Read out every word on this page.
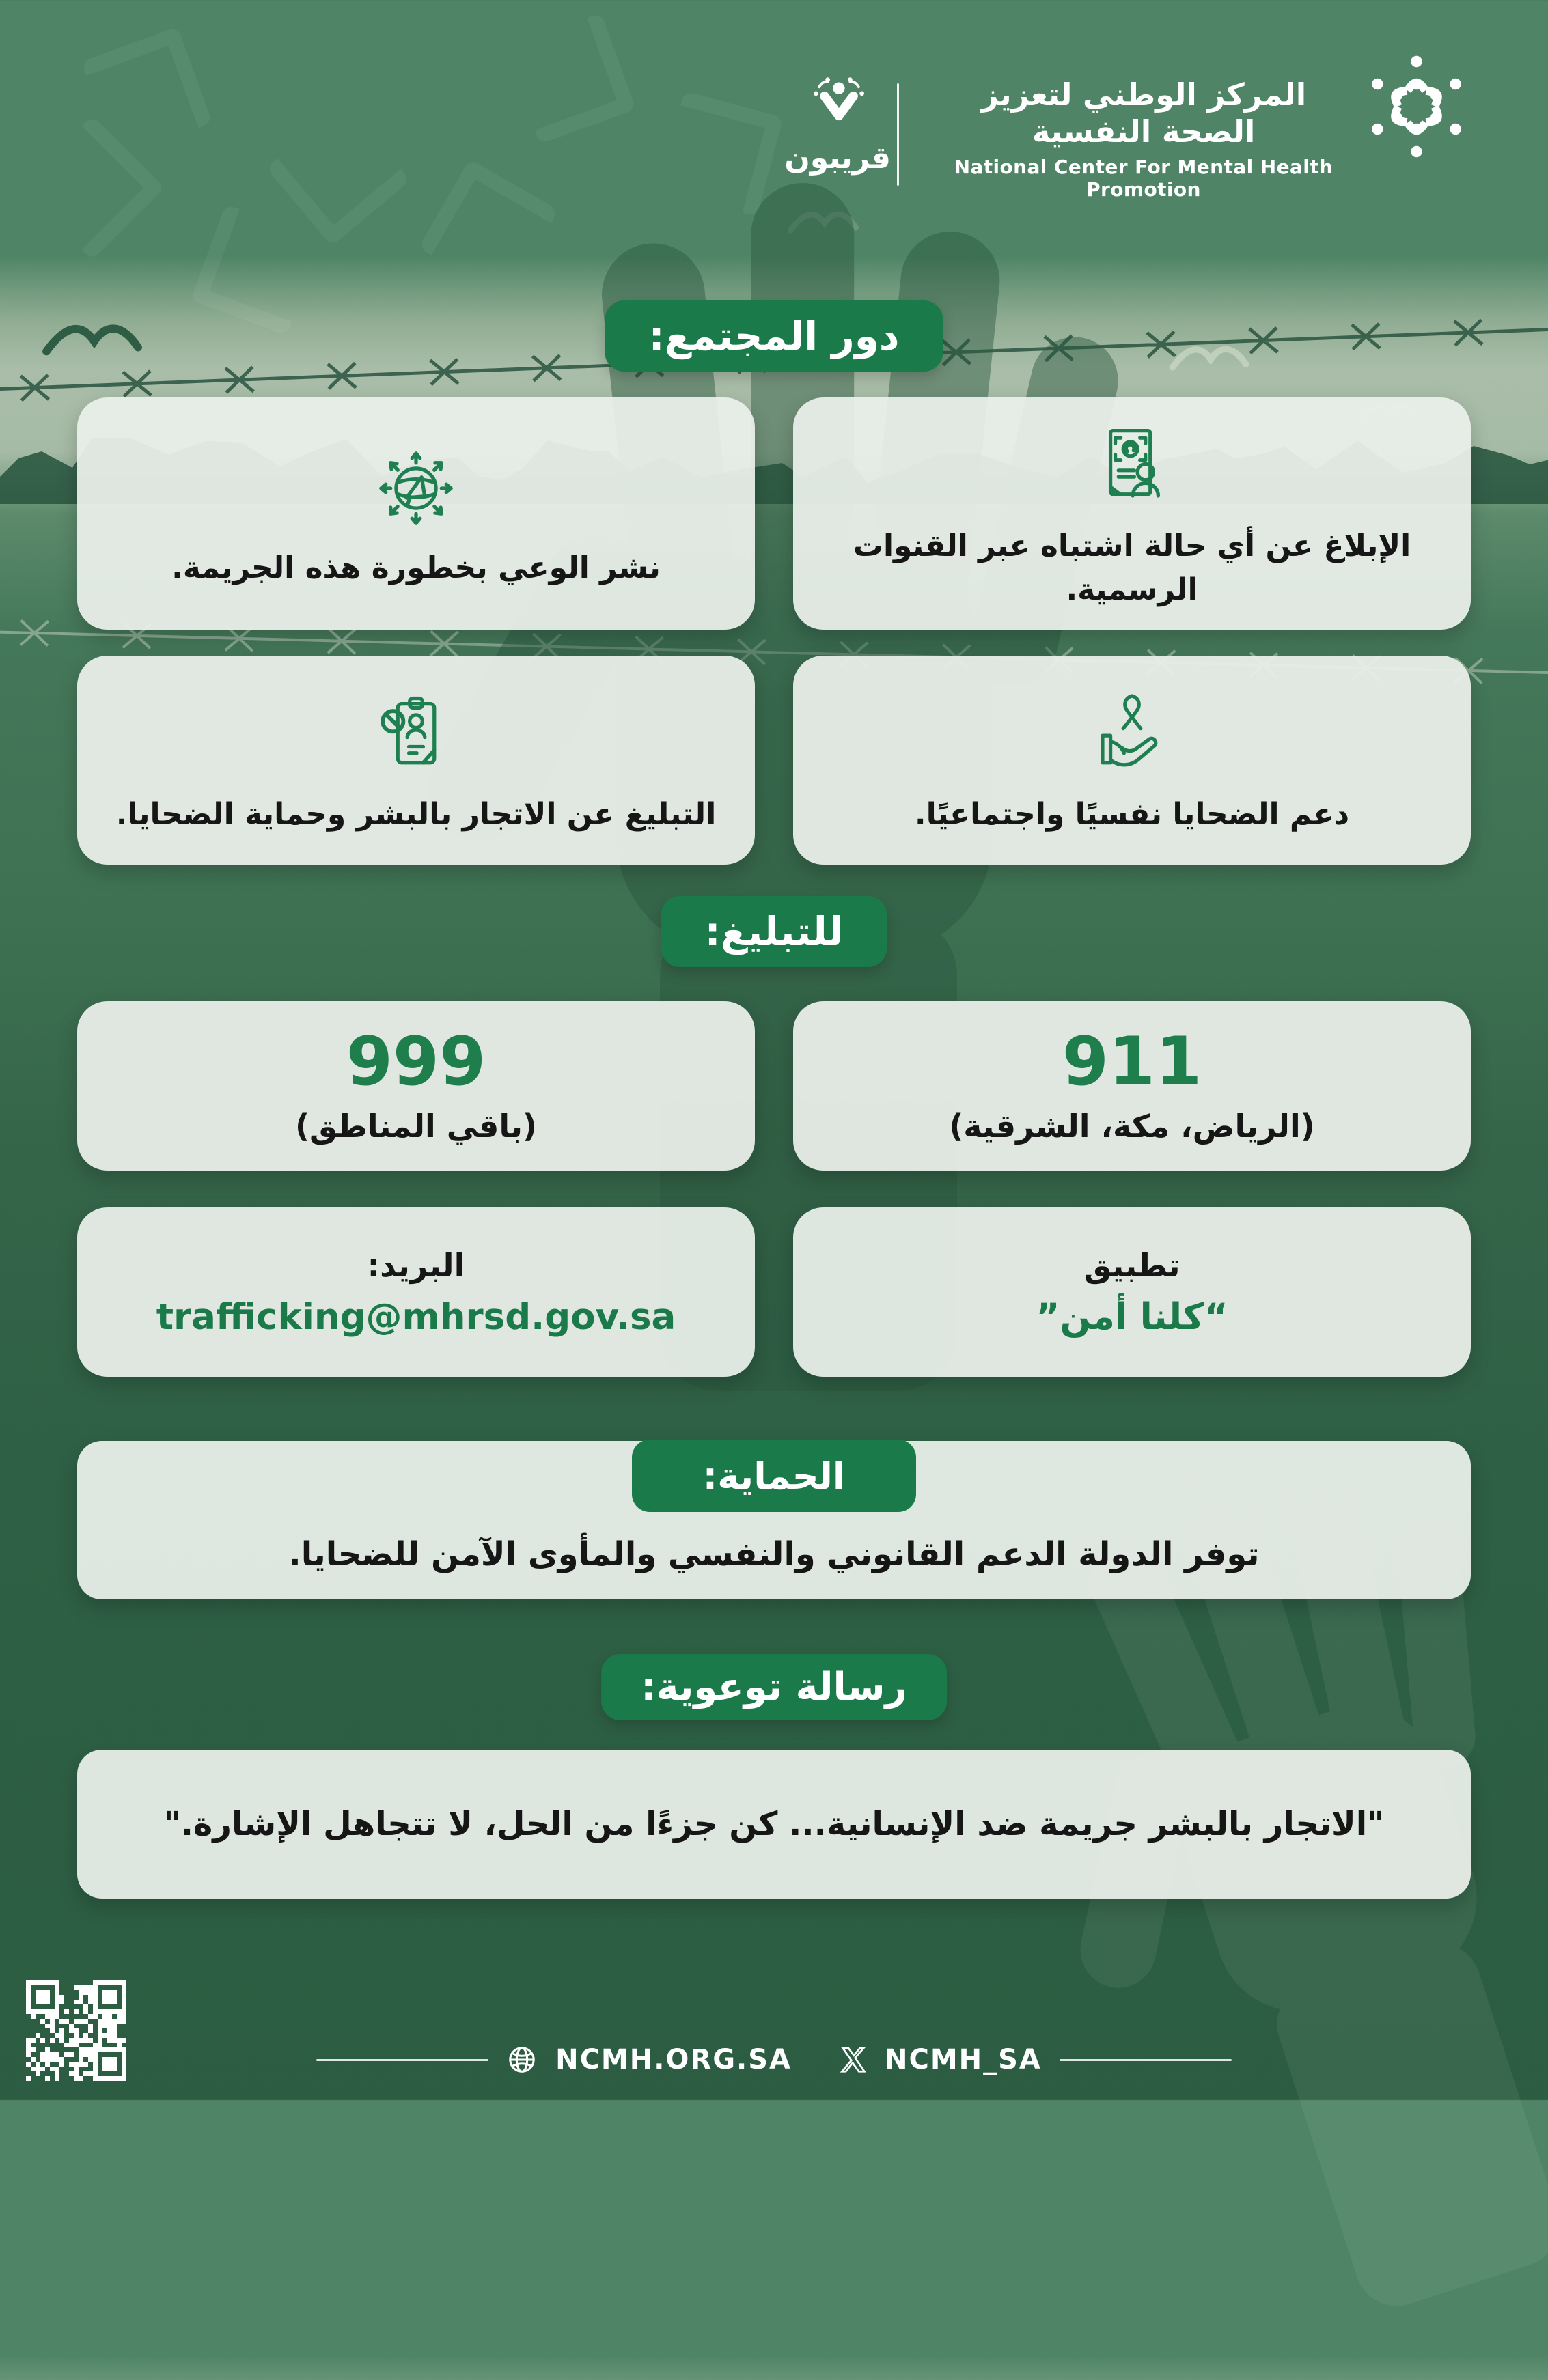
المركز الوطني لتعزيز الصحة النفسية
National Center For Mental Health Promotion
قريبون
دور المجتمع:
الإبلاغ عن أي حالة اشتباه عبر القنوات الرسمية.
نشر الوعي بخطورة هذه الجريمة.
دعم الضحايا نفسيًا واجتماعيًا.
التبليغ عن الاتجار بالبشر وحماية الضحايا.
للتبليغ:
911
(الرياض، مكة، الشرقية)
999
(باقي المناطق)
تطبيق
“كلنا أمن”
البريد:
trafficking@mhrsd.gov.sa
الحماية:
توفر الدولة الدعم القانوني والنفسي والمأوى الآمن للضحايا.
رسالة توعوية:
"الاتجار بالبشر جريمة ضد الإنسانية... كن جزءًا من الحل، لا تتجاهل الإشارة."
NCMH.ORG.SA	NCMH_SA
